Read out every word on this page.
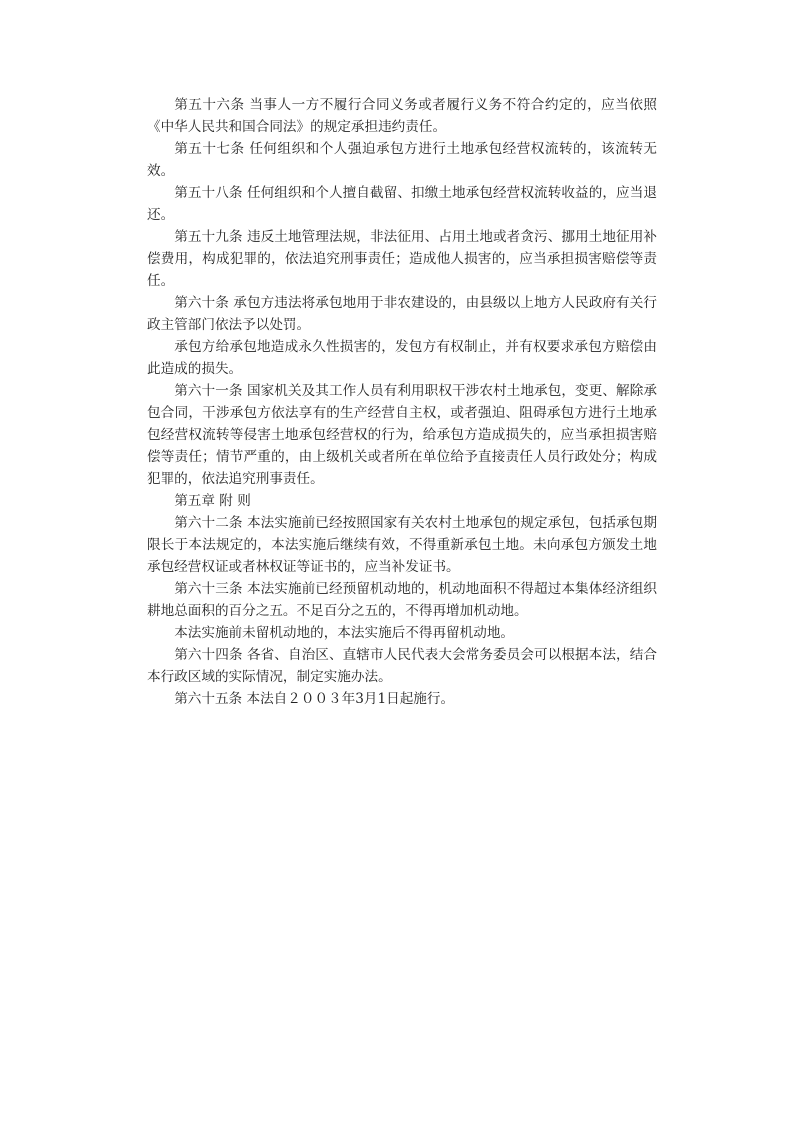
第五十六条 当事人一方不履行合同义务或者履行义务不符合约定的，应当依照《中华人民共和国合同法》的规定承担违约责任。

第五十七条 任何组织和个人强迫承包方进行土地承包经营权流转的，该流转无效。

第五十八条 任何组织和个人擅自截留、扣缴土地承包经营权流转收益的，应当退还。

第五十九条 违反土地管理法规，非法征用、占用土地或者贪污、挪用土地征用补偿费用，构成犯罪的，依法追究刑事责任；造成他人损害的，应当承担损害赔偿等责任。

第六十条 承包方违法将承包地用于非农建设的，由县级以上地方人民政府有关行政主管部门依法予以处罚。

承包方给承包地造成永久性损害的，发包方有权制止，并有权要求承包方赔偿由此造成的损失。

第六十一条 国家机关及其工作人员有利用职权干涉农村土地承包，变更、解除承包合同，干涉承包方依法享有的生产经营自主权，或者强迫、阻碍承包方进行土地承包经营权流转等侵害土地承包经营权的行为，给承包方造成损失的，应当承担损害赔偿等责任；情节严重的，由上级机关或者所在单位给予直接责任人员行政处分；构成犯罪的，依法追究刑事责任。

第五章 附 则

第六十二条 本法实施前已经按照国家有关农村土地承包的规定承包，包括承包期限长于本法规定的，本法实施后继续有效，不得重新承包土地。未向承包方颁发土地承包经营权证或者林权证等证书的，应当补发证书。

第六十三条 本法实施前已经预留机动地的，机动地面积不得超过本集体经济组织耕地总面积的百分之五。不足百分之五的，不得再增加机动地。

本法实施前未留机动地的，本法实施后不得再留机动地。

第六十四条 各省、自治区、直辖市人民代表大会常务委员会可以根据本法，结合本行政区域的实际情况，制定实施办法。

第六十五条 本法自２００３年3月1日起施行。
